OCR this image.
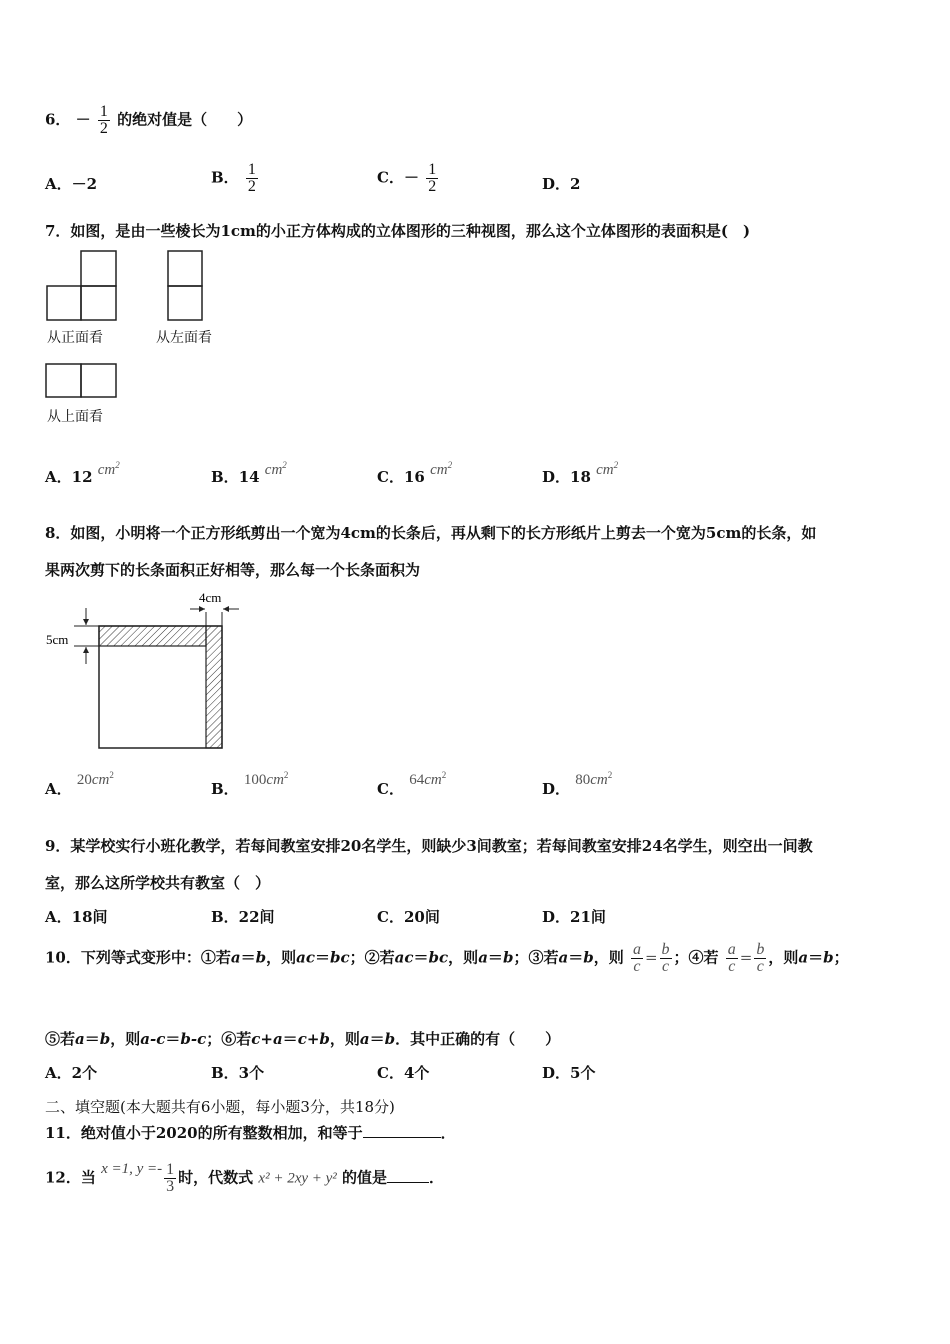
6． － $\frac{1}{2}$ 的绝对值是（　　）
A．－2	B． $\frac{1}{2}$	C．－ $\frac{1}{2}$	D．2
7．如图，是由一些棱长为1cm的小正方体构成的立体图形的三种视图，那么这个立体图形的表面积是(　)
从正面看	从左面看
从上面看
A．12 $cm^2$
B．14 $cm^2$
C．16 $cm^2$
D．18 $cm^2$
8．如图，小明将一个正方形纸剪出一个宽为4cm的长条后，再从剩下的长方形纸片上剪去一个宽为5cm的长条，如
果两次剪下的长条面积正好相等，那么每一个长条面积为
4cm
5cm
A． $20cm^2$
B． $100cm^2$
C． $64cm^2$
D． $80cm^2$
9．某学校实行小班化教学，若每间教室安排20名学生，则缺少3间教室；若每间教室安排24名学生，则空出一间教
室，那么这所学校共有教室（　）
A．18间	B．22间	C．20间	D．21间
10．下列等式变形中：①若a＝b，则ac＝bc；②若ac＝bc，则a＝b；③若a＝b，则 $\frac{a}{c} = \frac{b}{c}$ ；④若 $\frac{a}{c} = \frac{b}{c}$ ，则a＝b；
⑤若a＝b，则a-c＝b-c；⑥若c+a＝c+b，则a＝b．其中正确的有（　　）
A．2个	B．3个	C．4个	D．5个
二、填空题(本大题共有6小题，每小题3分，共18分)
11．绝对值小于2020的所有整数相加，和等于	．
12．当 x =1, $y =- \frac{1}{3}$ 时，代数式 x² + 2xy + y² 的值是	．
